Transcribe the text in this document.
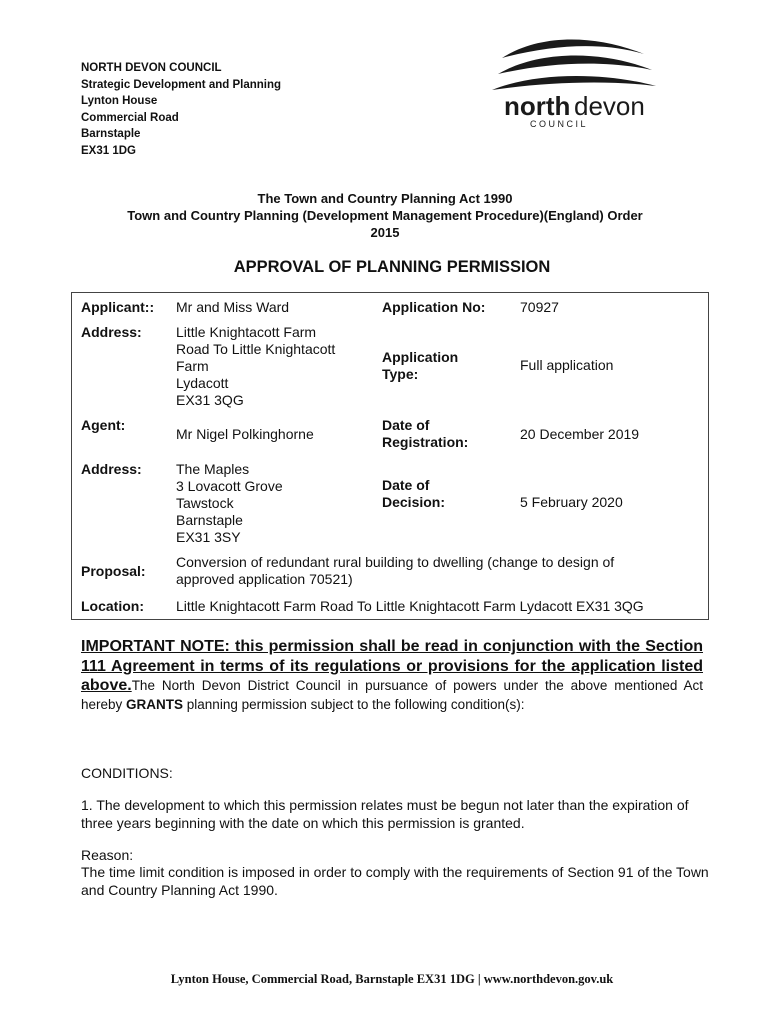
NORTH DEVON COUNCIL
Strategic Development and Planning
Lynton House
Commercial Road
Barnstaple
EX31 1DG
north devon
C O U N C I L
The Town and Country Planning Act 1990
Town and Country Planning (Development Management Procedure)(England) Order
2015
APPROVAL OF PLANNING PERMISSION
Applicant:: Mr and Miss Ward
Address: Little Knightacott Farm
Road To Little Knightacott
Farm
Lydacott
EX31 3QG
Agent:
Mr Nigel Polkinghorne
Address: The Maples
3 Lovacott Grove
Tawstock
Barnstaple
EX31 3SY
Proposal:
Conversion of redundant rural building to dwelling (change to design of
approved application 70521)
Location: Little Knightacott Farm Road To Little Knightacott Farm Lydacott EX31 3QG
Application No: 70927
Application
Type:
Full application
Date of
Registration:	20 December 2019
Date of
Decision:	5 February 2020
IMPORTANT NOTE: this permission shall be read in conjunction with the Section 111 Agreement in terms of its regulations or provisions for the application listed above.The North Devon District Council in pursuance of powers under the above mentioned Act hereby GRANTS planning permission subject to the following condition(s):
CONDITIONS:
1. The development to which this permission relates must be begun not later than the expiration of three years beginning with the date on which this permission is granted.
Reason:
The time limit condition is imposed in order to comply with the requirements of Section 91 of the Town and Country Planning Act 1990.
Lynton House, Commercial Road, Barnstaple EX31 1DG | www.northdevon.gov.uk
